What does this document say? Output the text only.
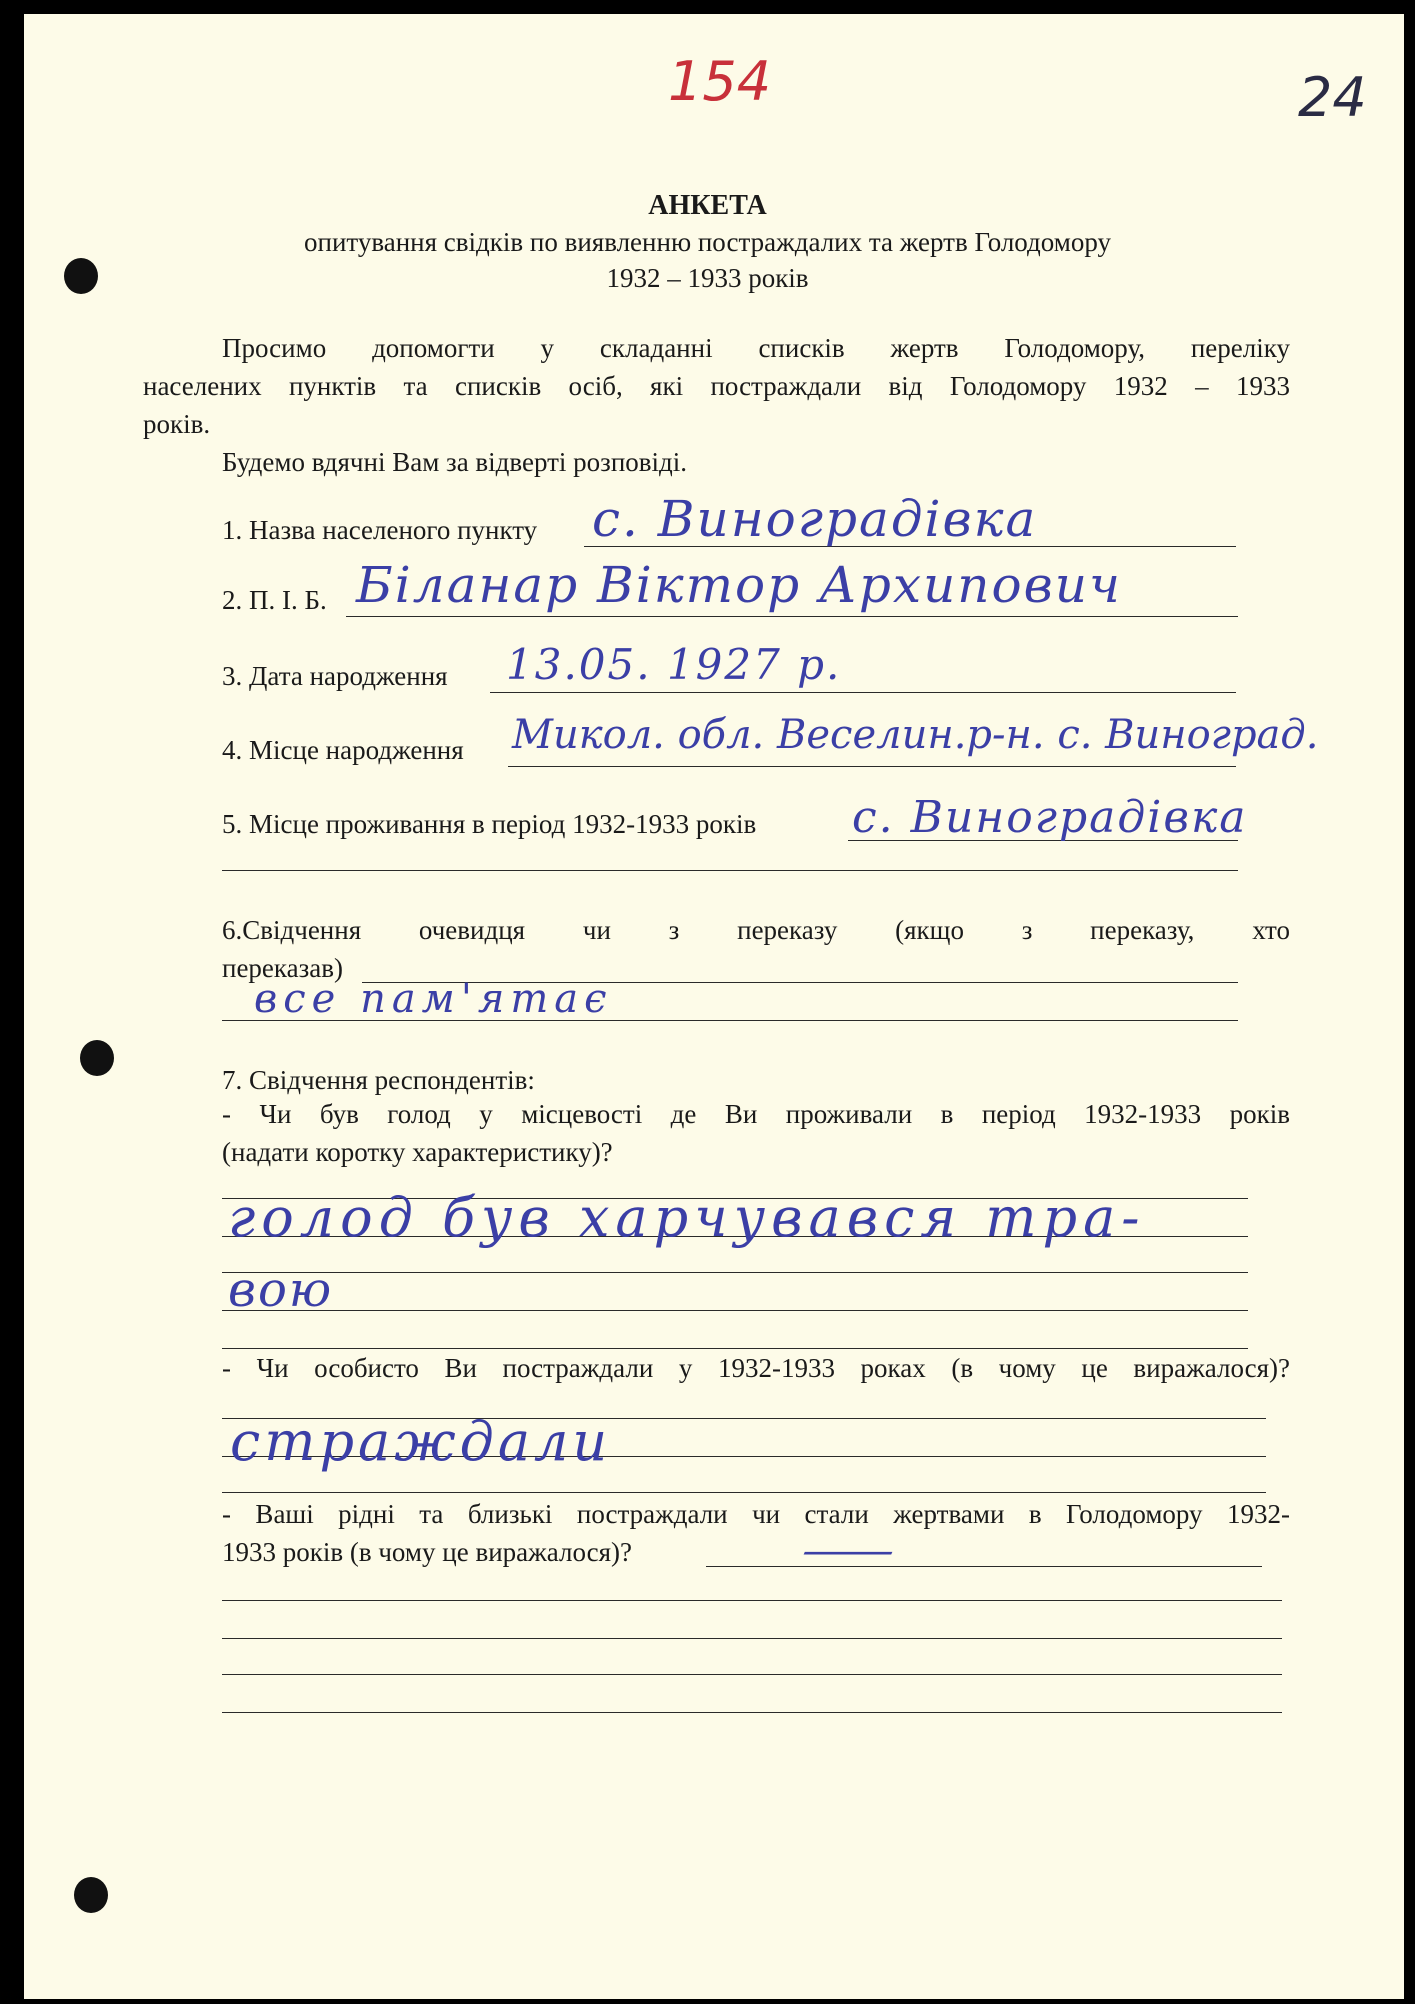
154	24
АНКЕТА
опитування свідків по виявленню постраждалих та жертв Голодомору
1932 – 1933 років
Просимо допомогти у складанні списків жертв Голодомору, переліку
населених пунктів та списків осіб, які постраждали від Голодомору 1932 – 1933
років.
Будемо вдячні Вам за відверті розповіді.
1. Назва населеного пункту с. Виноградівка
2. П. І. Б. Біланар Віктор Архипович
3. Дата народження 13.05. 1927 р.
4. Місце народження Микол. обл. Веселин.р-н. с. Виноград.
5. Місце проживання в період 1932-1933 років с. Виноградівка
6.Свідчення очевидця чи з переказу (якщо з переказу, хто
переказав)
все пам'ятає
7. Свідчення респондентів:
- Чи був голод у місцевості де Ви проживали в період 1932-1933 років
(надати коротку характеристику)?
голод був харчувався тра-
вою
- Чи особисто Ви постраждали у 1932-1933 роках (в чому це виражалося)?
страждали
- Ваші рідні та близькі постраждали чи стали жертвами в Голодомору 1932-
1933 років (в чому це виражалося)?	—
